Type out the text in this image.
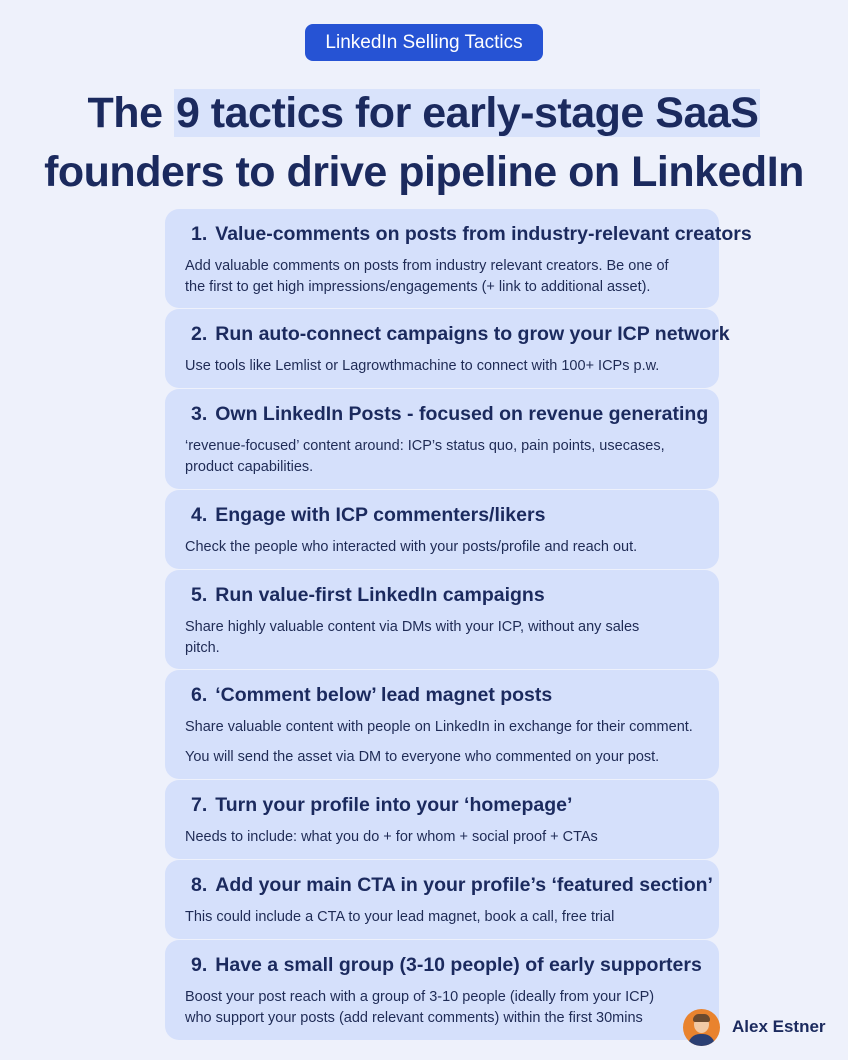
LinkedIn Selling Tactics
The 9 tactics for early-stage SaaS
founders to drive pipeline on LinkedIn
1. Value-comments on posts from industry-relevant creators
Add valuable comments on posts from industry relevant creators. Be one of
the first to get high impressions/engagements (+ link to additional asset).
2. Run auto-connect campaigns to grow your ICP network
Use tools like Lemlist or Lagrowthmachine to connect with 100+ ICPs p.w.
3. Own LinkedIn Posts - focused on revenue generating
‘revenue-focused’ content around: ICP’s status quo, pain points, usecases,
product capabilities.
4. Engage with ICP commenters/likers
Check the people who interacted with your posts/profile and reach out.
5. Run value-first LinkedIn campaigns
Share highly valuable content via DMs with your ICP, without any sales
pitch.
6. ‘Comment below’ lead magnet posts
Share valuable content with people on LinkedIn in exchange for their comment.
You will send the asset via DM to everyone who commented on your post.
7. Turn your profile into your ‘homepage’
Needs to include: what you do + for whom + social proof + CTAs
8. Add your main CTA in your profile’s ‘featured section’
This could include a CTA to your lead magnet, book a call, free trial
9. Have a small group (3-10 people) of early supporters
Boost your post reach with a group of 3-10 people (ideally from your ICP)
who support your posts (add relevant comments) within the first 30mins	Alex Estner
